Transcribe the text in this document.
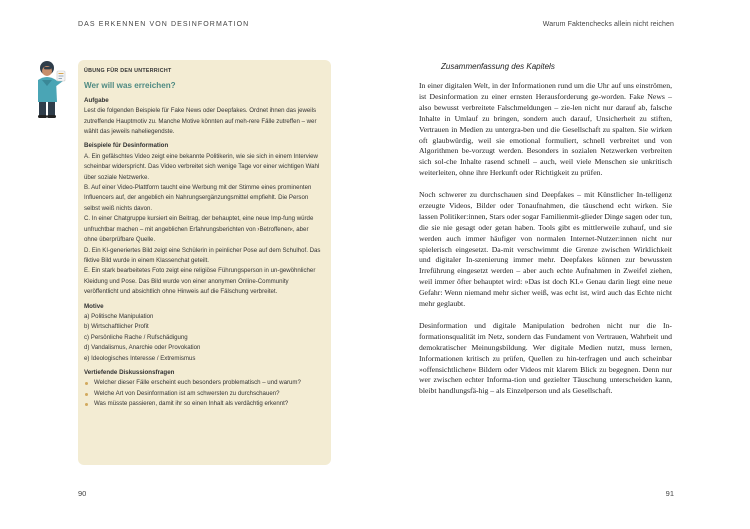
DAS ERKENNEN VON DESINFORMATION
90
ÜBUNG FÜR DEN UNTERRICHT
Wer will was erreichen?
Aufgabe

Lest die folgenden Beispiele für Fake News oder Deepfakes. Ordnet ihnen das jeweils zutreffende Hauptmotiv zu. Manche Motive könnten auf meh-rere Fälle zutreffen – wer wählt das jeweils naheliegendste.

Beispiele für Desinformation

A. Ein gefälschtes Video zeigt eine bekannte Politikerin, wie sie sich in einem Interview scheinbar widerspricht. Das Video verbreitet sich wenige Tage vor einer wichtigen Wahl über soziale Netzwerke.

B. Auf einer Video-Plattform taucht eine Werbung mit der Stimme eines prominenten Influencers auf, der angeblich ein Nahrungsergänzungsmittel empfiehlt. Die Person selbst weiß nichts davon.

C. In einer Chatgruppe kursiert ein Beitrag, der behauptet, eine neue Imp-fung würde unfruchtbar machen – mit angeblichen Erfahrungsberichten von ›Betroffenen‹, aber ohne überprüfbare Quelle.

D. Ein KI-generiertes Bild zeigt eine Schülerin in peinlicher Pose auf dem Schulhof. Das fiktive Bild wurde in einem Klassenchat geteilt.

E. Ein stark bearbeitetes Foto zeigt eine religiöse Führungsperson in un-gewöhnlicher Kleidung und Pose. Das Bild wurde von einer anonymen Online-Community veröffentlicht und absichtlich ohne Hinweis auf die Fälschung verbreitet.

Motive

a) Politische Manipulation

b) Wirtschaftlicher Profit

c) Persönliche Rache / Rufschädigung

d) Vandalismus, Anarchie oder Provokation

e) Ideologisches Interesse / Extremismus

Vertiefende Diskussionsfragen
Welcher dieser Fälle erscheint euch besonders problematisch – und warum?
Welche Art von Desinformation ist am schwersten zu durchschauen?
Was müsste passieren, damit ihr so einen Inhalt als verdächtig erkennt?
Warum Faktenchecks allein nicht reichen
91
Zusammenfassung des Kapitels

In einer digitalen Welt, in der Informationen rund um die Uhr auf uns einströmen, ist Desinformation zu einer ernsten Herausforderung ge-worden. Fake News – also bewusst verbreitete Falschmeldungen – zie-len nicht nur darauf ab, falsche Inhalte in Umlauf zu bringen, sondern auch darauf, Unsicherheit zu stiften, Vertrauen in Medien zu untergra-ben und die Gesellschaft zu spalten. Sie wirken oft glaubwürdig, weil sie emotional formuliert, schnell verbreitet und von Algorithmen be-vorzugt werden. Besonders in sozialen Netzwerken verbreiten sich sol-che Inhalte rasend schnell – auch, weil viele Menschen sie unkritisch weiterleiten, ohne ihre Herkunft oder Richtigkeit zu prüfen.

Noch schwerer zu durchschauen sind Deepfakes – mit Künstlicher In-telligenz erzeugte Videos, Bilder oder Tonaufnahmen, die täuschend echt wirken. Sie lassen Politiker:innen, Stars oder sogar Familienmit-glieder Dinge sagen oder tun, die sie nie gesagt oder getan haben. Tools gibt es mittlerweile zuhauf, und sie werden auch immer häufiger von normalen Internet-Nutzer:innen nicht nur spielerisch eingesetzt. Da-mit verschwimmt die Grenze zwischen Wirklichkeit und digitaler In-szenierung immer mehr. Deepfakes können zur bewussten Irreführung eingesetzt werden – aber auch echte Aufnahmen in Zweifel ziehen, weil immer öfter behauptet wird: »Das ist doch KI.« Genau darin liegt eine neue Gefahr: Wenn niemand mehr sicher weiß, was echt ist, wird auch das Echte nicht mehr geglaubt.

Desinformation und digitale Manipulation bedrohen nicht nur die In-formationsqualität im Netz, sondern das Fundament von Vertrauen, Wahrheit und demokratischer Meinungsbildung. Wer digitale Medien nutzt, muss lernen, Informationen kritisch zu prüfen, Quellen zu hin-terfragen und auch scheinbar »offensichtlichen« Bildern oder Videos mit klarem Blick zu begegnen. Denn nur wer zwischen echter Informa-tion und gezielter Täuschung unterscheiden kann, bleibt handlungsfä-hig – als Einzelperson und als Gesellschaft.
